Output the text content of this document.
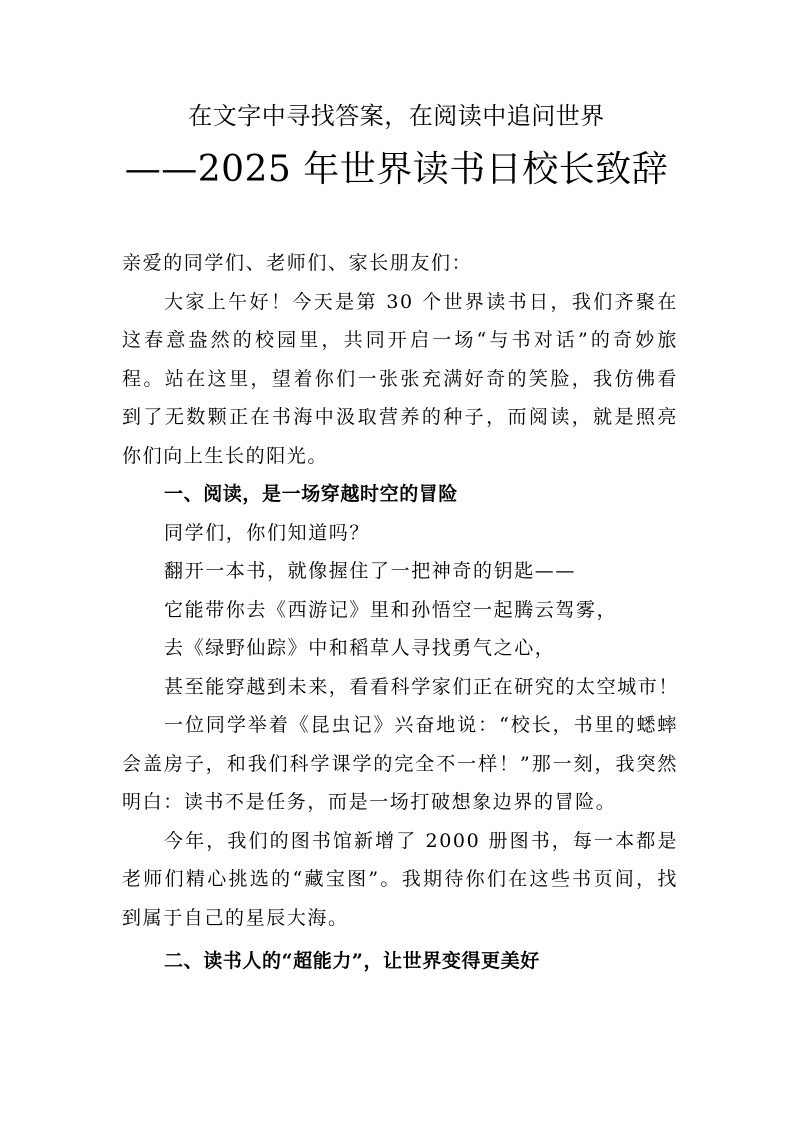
在文字中寻找答案，在阅读中追问世界
——2025 年世界读书日校长致辞

亲爱的同学们、老师们、家长朋友们：

大家上午好！今天是第 30 个世界读书日，我们齐聚在这春意盎然的校园里，共同开启一场“与书对话”的奇妙旅程。站在这里，望着你们一张张充满好奇的笑脸，我仿佛看到了无数颗正在书海中汲取营养的种子，而阅读，就是照亮你们向上生长的阳光。

一、阅读，是一场穿越时空的冒险

同学们，你们知道吗？

翻开一本书，就像握住了一把神奇的钥匙——

它能带你去《西游记》里和孙悟空一起腾云驾雾，

去《绿野仙踪》中和稻草人寻找勇气之心，

甚至能穿越到未来，看看科学家们正在研究的太空城市！

一位同学举着《昆虫记》兴奋地说：“校长，书里的蟋蟀会盖房子，和我们科学课学的完全不一样！”那一刻，我突然明白：读书不是任务，而是一场打破想象边界的冒险。

今年，我们的图书馆新增了 2000 册图书，每一本都是老师们精心挑选的“藏宝图”。我期待你们在这些书页间，找到属于自己的星辰大海。

二、读书人的“超能力”，让世界变得更美好
